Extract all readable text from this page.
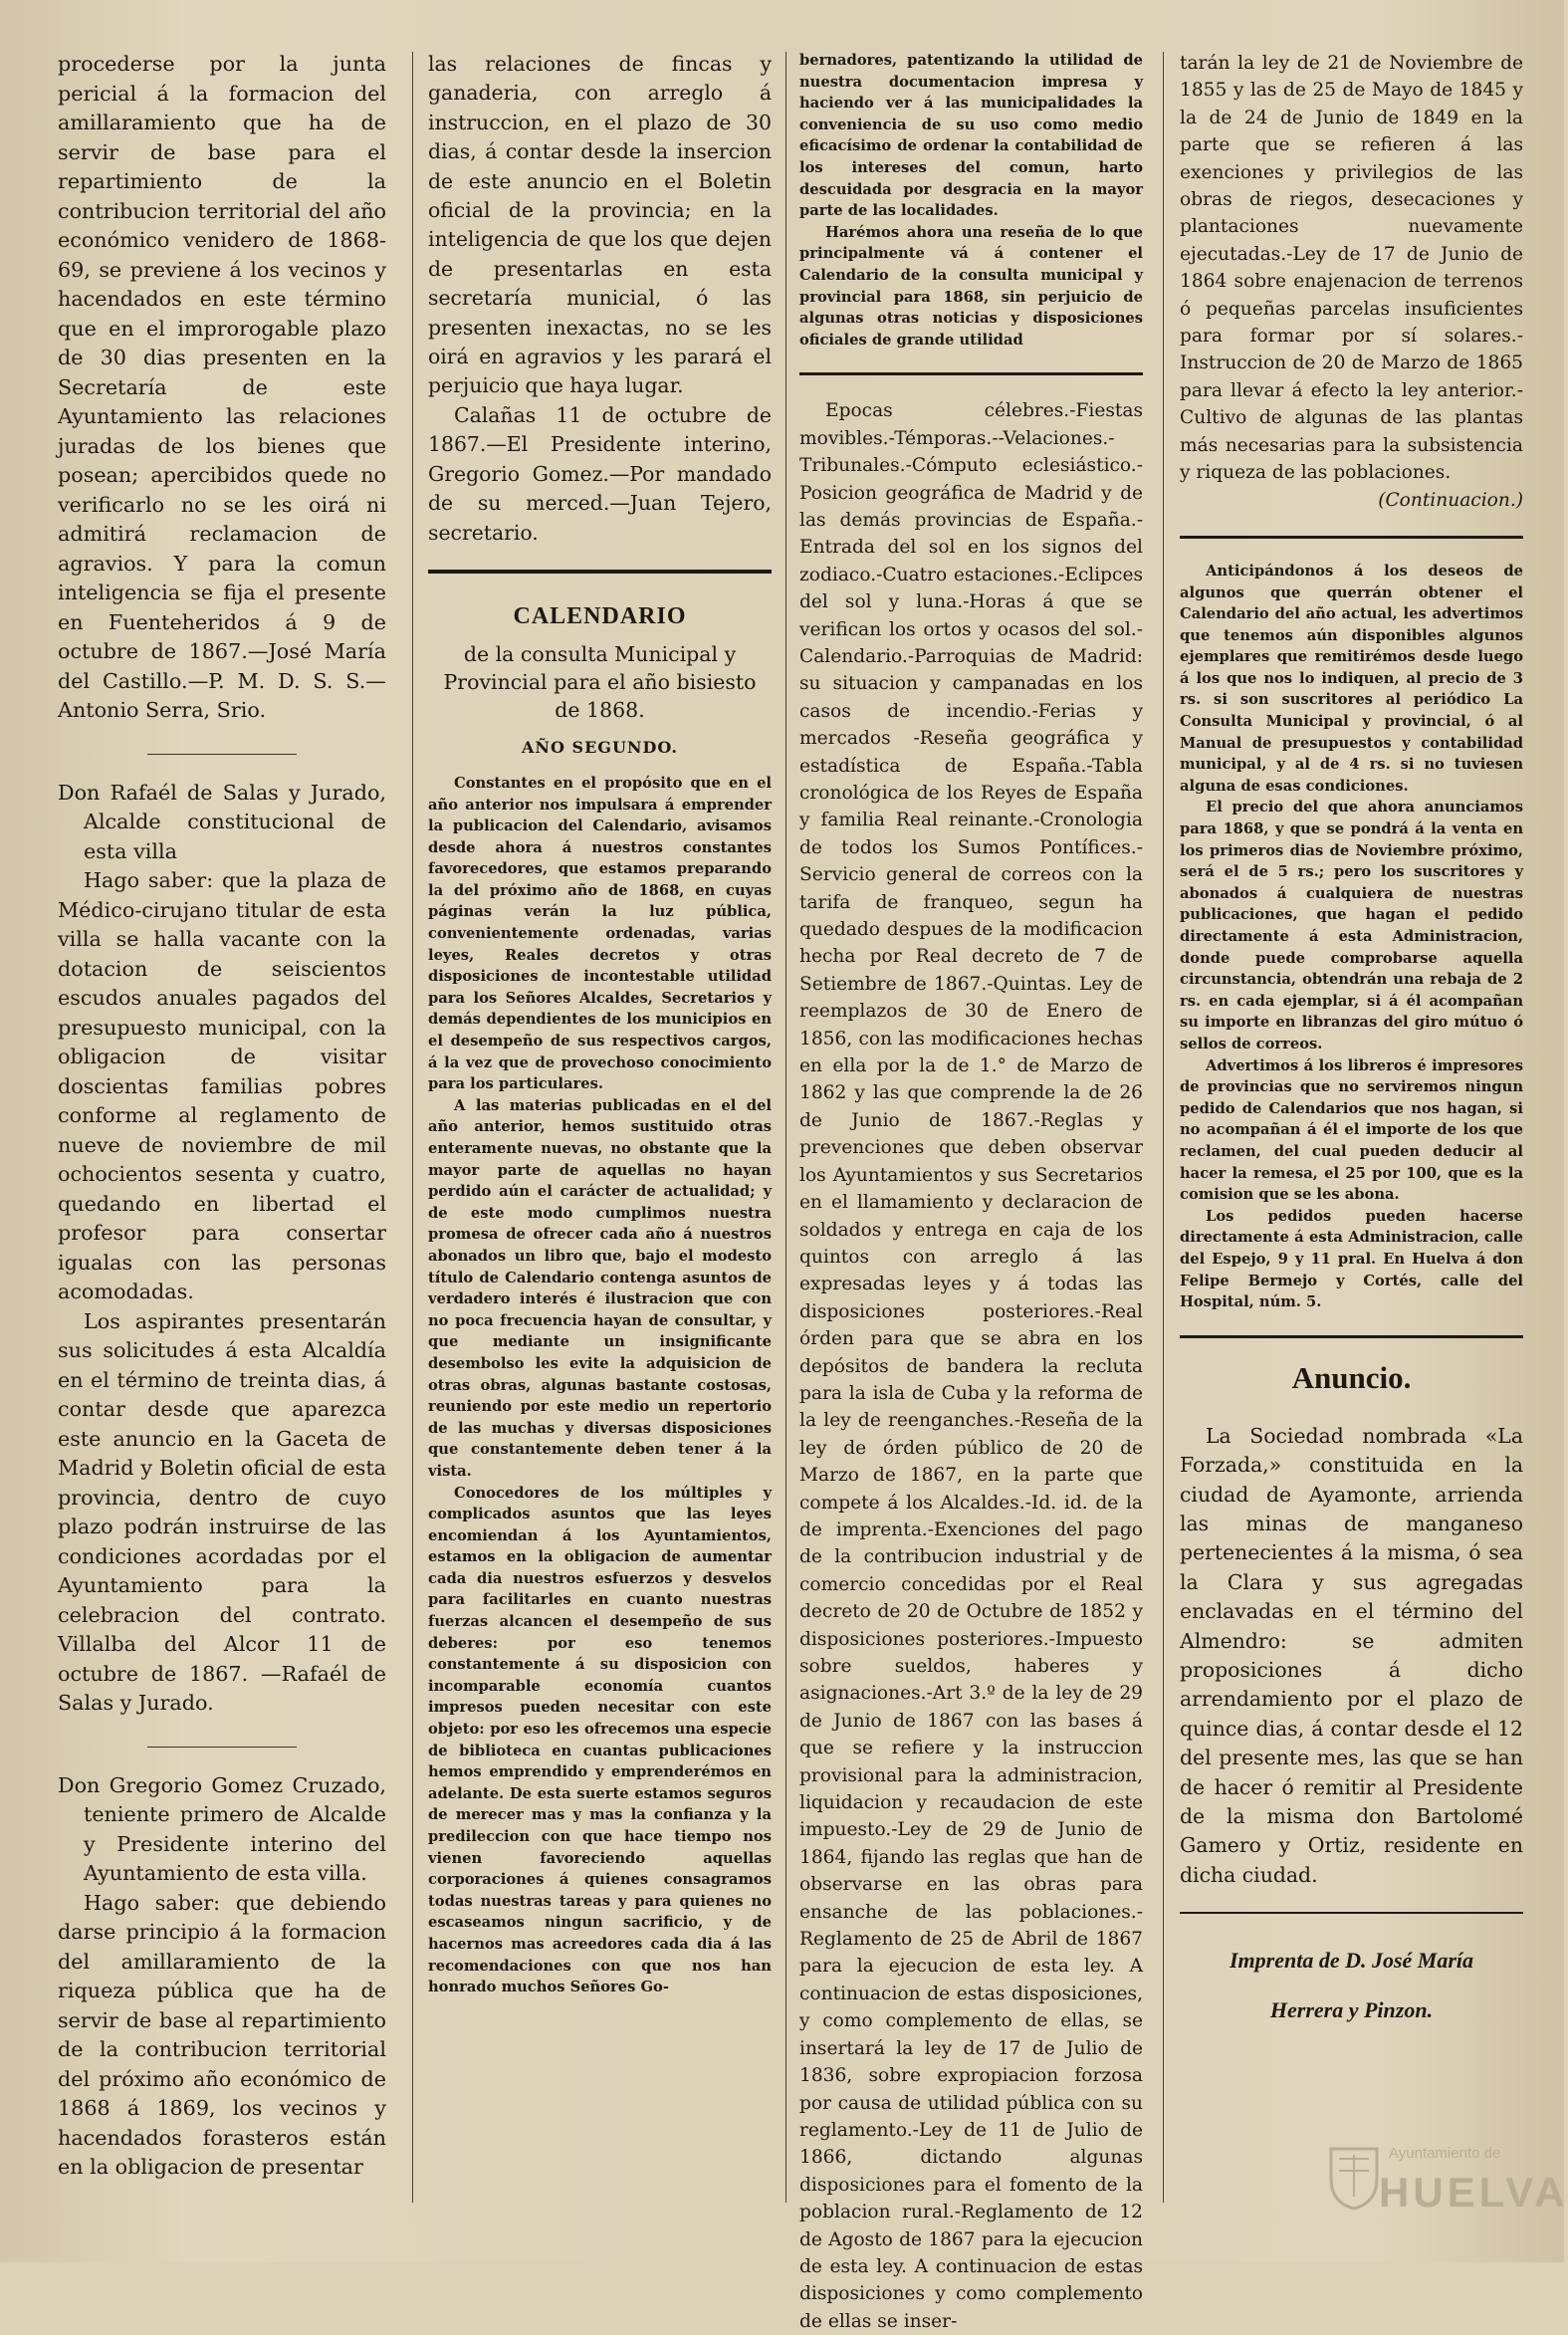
procederse por la junta pericial á la formacion del amillaramiento que ha de servir de base para el repartimiento de la contribucion territorial del año económico venidero de 1868-69, se previene á los vecinos y hacendados en este término que en el improrogable plazo de 30 dias presenten en la Secretaría de este Ayuntamiento las relaciones juradas de los bienes que posean; apercibidos quede no verificarlo no se les oirá ni admitirá reclamacion de agravios. Y para la comun inteligencia se fija el presente en Fuenteheridos á 9 de octubre de 1867.—José María del Castillo.—P. M. D. S. S.—Antonio Serra, Srio.

Don Rafaél de Salas y Jurado, Alcalde constitucional de esta villa

Hago saber: que la plaza de Médico-cirujano titular de esta villa se halla vacante con la dotacion de seiscientos escudos anuales pagados del presupuesto municipal, con la obligacion de visitar doscientas familias pobres conforme al reglamento de nueve de noviembre de mil ochocientos sesenta y cuatro, quedando en libertad el profesor para consertar igualas con las personas acomodadas.

Los aspirantes presentarán sus solicitudes á esta Alcaldía en el término de treinta dias, á contar desde que aparezca este anuncio en la Gaceta de Madrid y Boletin oficial de esta provincia, dentro de cuyo plazo podrán instruirse de las condiciones acordadas por el Ayuntamiento para la celebracion del contrato. Villalba del Alcor 11 de octubre de 1867. —Rafaél de Salas y Jurado.

Don Gregorio Gomez Cruzado, teniente primero de Alcalde y Presidente interino del Ayuntamiento de esta villa.

Hago saber: que debiendo darse principio á la formacion del amillaramiento de la riqueza pública que ha de servir de base al repartimiento de la contribucion territorial del próximo año económico de 1868 á 1869, los vecinos y hacendados forasteros están en la obligacion de presentar

las relaciones de fincas y ganaderia, con arreglo á instruccion, en el plazo de 30 dias, á contar desde la insercion de este anuncio en el Boletin oficial de la provincia; en la inteligencia de que los que dejen de presentarlas en esta secretaría municial, ó las presenten inexactas, no se les oirá en agravios y les parará el perjuicio que haya lugar.

Calañas 11 de octubre de 1867.—El Presidente interino, Gregorio Gomez.—Por mandado de su merced.—Juan Tejero, secretario.

CALENDARIO
de la consulta Municipal y Provincial para el año bisiesto de 1868.
AÑO SEGUNDO.

Constantes en el propósito que en el año anterior nos impulsara á emprender la publicacion del Calendario, avisamos desde ahora á nuestros constantes favorecedores, que estamos preparando la del próximo año de 1868, en cuyas páginas verán la luz pública, convenientemente ordenadas, varias leyes, Reales decretos y otras disposiciones de incontestable utilidad para los Señores Alcaldes, Secretarios y demás dependientes de los municipios en el desempeño de sus respectivos cargos, á la vez que de provechoso conocimiento para los particulares.

A las materias publicadas en el del año anterior, hemos sustituido otras enteramente nuevas, no obstante que la mayor parte de aquellas no hayan perdido aún el carácter de actualidad; y de este modo cumplimos nuestra promesa de ofrecer cada año á nuestros abonados un libro que, bajo el modesto título de Calendario contenga asuntos de verdadero interés é ilustracion que con no poca frecuencia hayan de consultar, y que mediante un insignificante desembolso les evite la adquisicion de otras obras, algunas bastante costosas, reuniendo por este medio un repertorio de las muchas y diversas disposiciones que constantemente deben tener á la vista.

Conocedores de los múltiples y complicados asuntos que las leyes encomiendan á los Ayuntamientos, estamos en la obligacion de aumentar cada dia nuestros esfuerzos y desvelos para facilitarles en cuanto nuestras fuerzas alcancen el desempeño de sus deberes: por eso tenemos constantemente á su disposicion con incomparable economía cuantos impresos pueden necesitar con este objeto: por eso les ofrecemos una especie de biblioteca en cuantas publicaciones hemos emprendido y emprenderémos en adelante. De esta suerte estamos seguros de merecer mas y mas la confianza y la predileccion con que hace tiempo nos vienen favoreciendo aquellas corporaciones á quienes consagramos todas nuestras tareas y para quienes no escaseamos ningun sacrificio, y de hacernos mas acreedores cada dia á las recomendaciones con que nos han honrado muchos Señores Go-

bernadores, patentizando la utilidad de nuestra documentacion impresa y haciendo ver á las municipalidades la conveniencia de su uso como medio eficacísimo de ordenar la contabilidad de los intereses del comun, harto descuidada por desgracia en la mayor parte de las localidades.

Harémos ahora una reseña de lo que principalmente vá á contener el Calendario de la consulta municipal y provincial para 1868, sin perjuicio de algunas otras noticias y disposiciones oficiales de grande utilidad

Epocas célebres.-Fiestas movibles.-Témporas.--Velaciones.-Tribunales.-Cómputo eclesiástico.-Posicion geográfica de Madrid y de las demás provincias de España.-Entrada del sol en los signos del zodiaco.-Cuatro estaciones.-Eclipces del sol y luna.-Horas á que se verifican los ortos y ocasos del sol.-Calendario.-Parroquias de Madrid: su situacion y campanadas en los casos de incendio.-Ferias y mercados -Reseña geográfica y estadística de España.-Tabla cronológica de los Reyes de España y familia Real reinante.-Cronologia de todos los Sumos Pontífices.-Servicio general de correos con la tarifa de franqueo, segun ha quedado despues de la modificacion hecha por Real decreto de 7 de Setiembre de 1867.-Quintas. Ley de reemplazos de 30 de Enero de 1856, con las modificaciones hechas en ella por la de 1.° de Marzo de 1862 y las que comprende la de 26 de Junio de 1867.-Reglas y prevenciones que deben observar los Ayuntamientos y sus Secretarios en el llamamiento y declaracion de soldados y entrega en caja de los quintos con arreglo á las expresadas leyes y á todas las disposiciones posteriores.-Real órden para que se abra en los depósitos de bandera la recluta para la isla de Cuba y la reforma de la ley de reenganches.-Reseña de la ley de órden público de 20 de Marzo de 1867, en la parte que compete á los Alcaldes.-Id. id. de la de imprenta.-Exenciones del pago de la contribucion industrial y de comercio concedidas por el Real decreto de 20 de Octubre de 1852 y disposiciones posteriores.-Impuesto sobre sueldos, haberes y asignaciones.-Art 3.º de la ley de 29 de Junio de 1867 con las bases á que se refiere y la instruccion provisional para la administracion, liquidacion y recaudacion de este impuesto.-Ley de 29 de Junio de 1864, fijando las reglas que han de observarse en las obras para ensanche de las poblaciones.-Reglamento de 25 de Abril de 1867 para la ejecucion de esta ley. A continuacion de estas disposiciones, y como complemento de ellas, se insertará la ley de 17 de Julio de 1836, sobre expropiacion forzosa por causa de utilidad pública con su reglamento.-Ley de 11 de Julio de 1866, dictando algunas disposiciones para el fomento de la poblacion rural.-Reglamento de 12 de Agosto de 1867 para la ejecucion de esta ley. A continuacion de estas disposiciones y como complemento de ellas se inser-

tarán la ley de 21 de Noviembre de 1855 y las de 25 de Mayo de 1845 y la de 24 de Junio de 1849 en la parte que se refieren á las exenciones y privilegios de las obras de riegos, desecaciones y plantaciones nuevamente ejecutadas.-Ley de 17 de Junio de 1864 sobre enajenacion de terrenos ó pequeñas parcelas insuficientes para formar por sí solares.-Instruccion de 20 de Marzo de 1865 para llevar á efecto la ley anterior.-Cultivo de algunas de las plantas más necesarias para la subsistencia y riqueza de las poblaciones.

(Continuacion.)

Anticipándonos á los deseos de algunos que querrán obtener el Calendario del año actual, les advertimos que tenemos aún disponibles algunos ejemplares que remitirémos desde luego á los que nos lo indiquen, al precio de 3 rs. si son suscritores al periódico La Consulta Municipal y provincial, ó al Manual de presupuestos y contabilidad municipal, y al de 4 rs. si no tuviesen alguna de esas condiciones.

El precio del que ahora anunciamos para 1868, y que se pondrá á la venta en los primeros dias de Noviembre próximo, será el de 5 rs.; pero los suscritores y abonados á cualquiera de nuestras publicaciones, que hagan el pedido directamente á esta Administracion, donde puede comprobarse aquella circunstancia, obtendrán una rebaja de 2 rs. en cada ejemplar, si á él acompañan su importe en libranzas del giro mútuo ó sellos de correos.

Advertimos á los libreros é impresores de provincias que no serviremos ningun pedido de Calendarios que nos hagan, si no acompañan á él el importe de los que reclamen, del cual pueden deducir al hacer la remesa, el 25 por 100, que es la comision que se les abona.

Los pedidos pueden hacerse directamente á esta Administracion, calle del Espejo, 9 y 11 pral. En Huelva á don Felipe Bermejo y Cortés, calle del Hospital, núm. 5.

Anuncio.

La Sociedad nombrada «La Forzada,» constituida en la ciudad de Ayamonte, arrienda las minas de manganeso pertenecientes á la misma, ó sea la Clara y sus agregadas enclavadas en el término del Almendro: se admiten proposiciones á dicho arrendamiento por el plazo de quince dias, á contar desde el 12 del presente mes, las que se han de hacer ó remitir al Presidente de la misma don Bartolomé Gamero y Ortiz, residente en dicha ciudad.

Imprenta de D. José María
Herrera y Pinzon.
Ayuntamiento de
HUELVA
